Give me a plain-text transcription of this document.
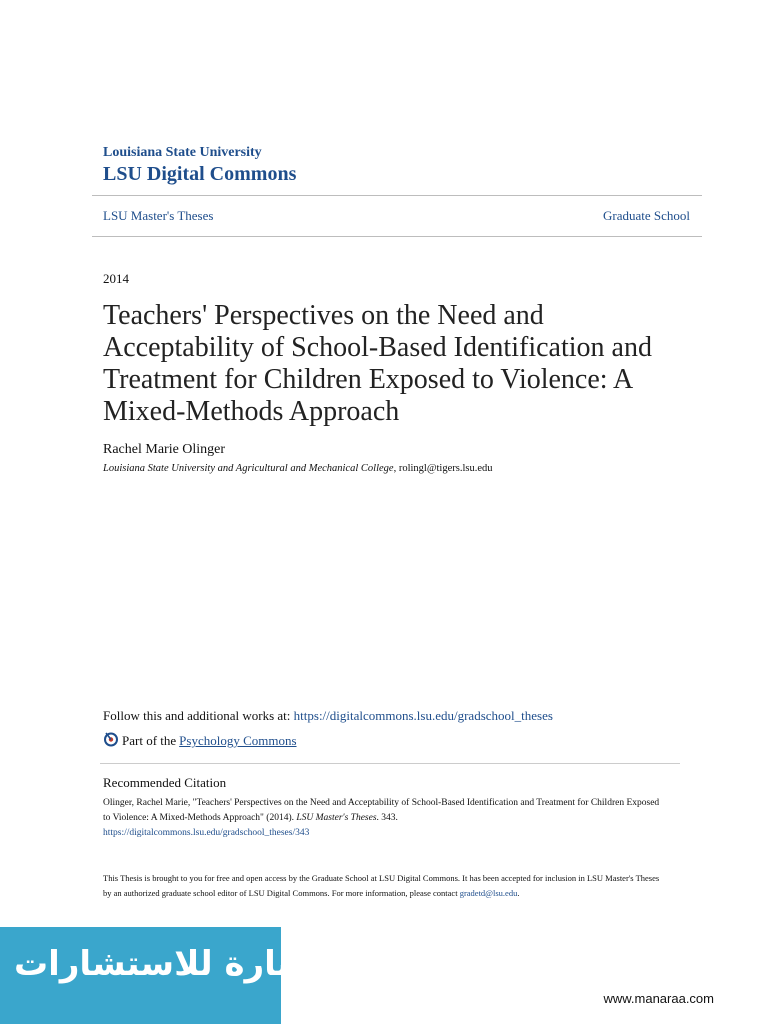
Louisiana State University
LSU Digital Commons
LSU Master's Theses	Graduate School
2014
Teachers' Perspectives on the Need and Acceptability of School-Based Identification and Treatment for Children Exposed to Violence: A Mixed-Methods Approach
Rachel Marie Olinger
Louisiana State University and Agricultural and Mechanical College, rolingl@tigers.lsu.edu
Follow this and additional works at: https://digitalcommons.lsu.edu/gradschool_theses
Part of the Psychology Commons
Recommended Citation
Olinger, Rachel Marie, "Teachers' Perspectives on the Need and Acceptability of School-Based Identification and Treatment for Children Exposed to Violence: A Mixed-Methods Approach" (2014). LSU Master's Theses. 343.
https://digitalcommons.lsu.edu/gradschool_theses/343
This Thesis is brought to you for free and open access by the Graduate School at LSU Digital Commons. It has been accepted for inclusion in LSU Master's Theses by an authorized graduate school editor of LSU Digital Commons. For more information, please contact gradetd@lsu.edu.
المنارة للاستشارات
www.manaraa.com
